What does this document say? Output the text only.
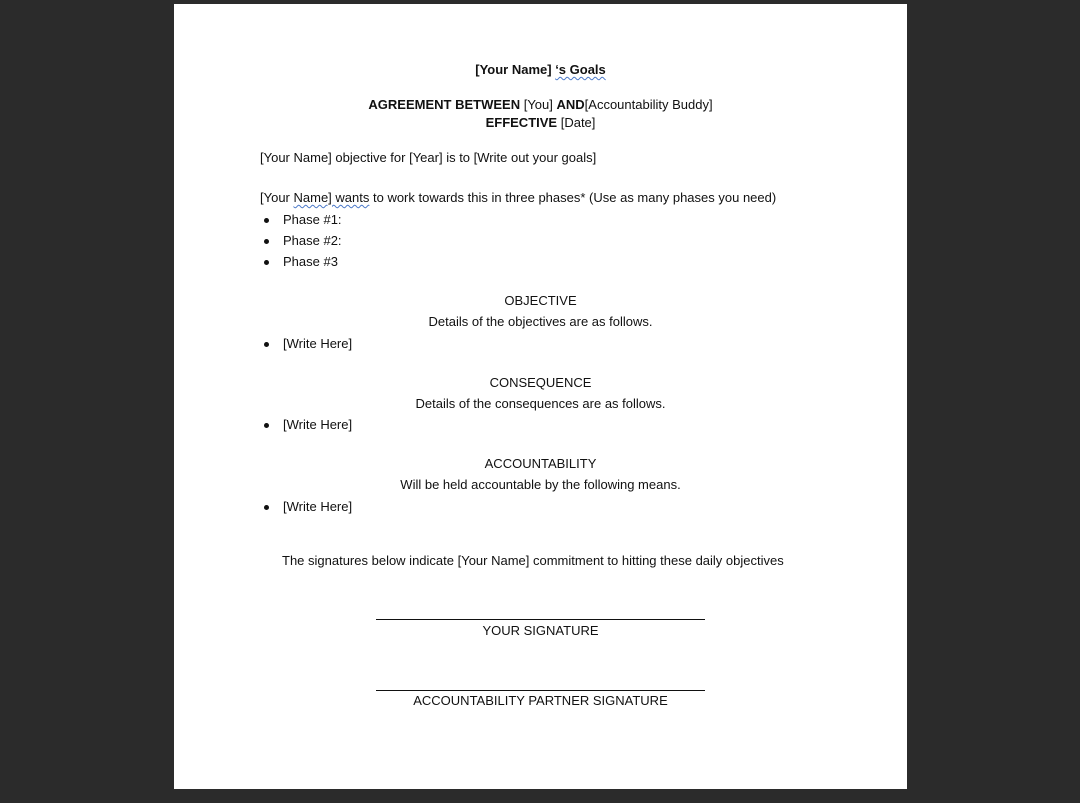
[Your Name] ‘s Goals
AGREEMENT BETWEEN [You] AND[Accountability Buddy]
EFFECTIVE [Date]
[Your Name] objective for [Year] is to [Write out your goals]
[Your Name] wants to work towards this in three phases* (Use as many phases you need)
Phase #1:
Phase #2:
Phase #3
OBJECTIVE
Details of the objectives are as follows.
[Write Here]
CONSEQUENCE
Details of the consequences are as follows.
[Write Here]
ACCOUNTABILITY
Will be held accountable by the following means.
[Write Here]
The signatures below indicate [Your Name] commitment to hitting these daily objectives
YOUR SIGNATURE
ACCOUNTABILITY PARTNER SIGNATURE
